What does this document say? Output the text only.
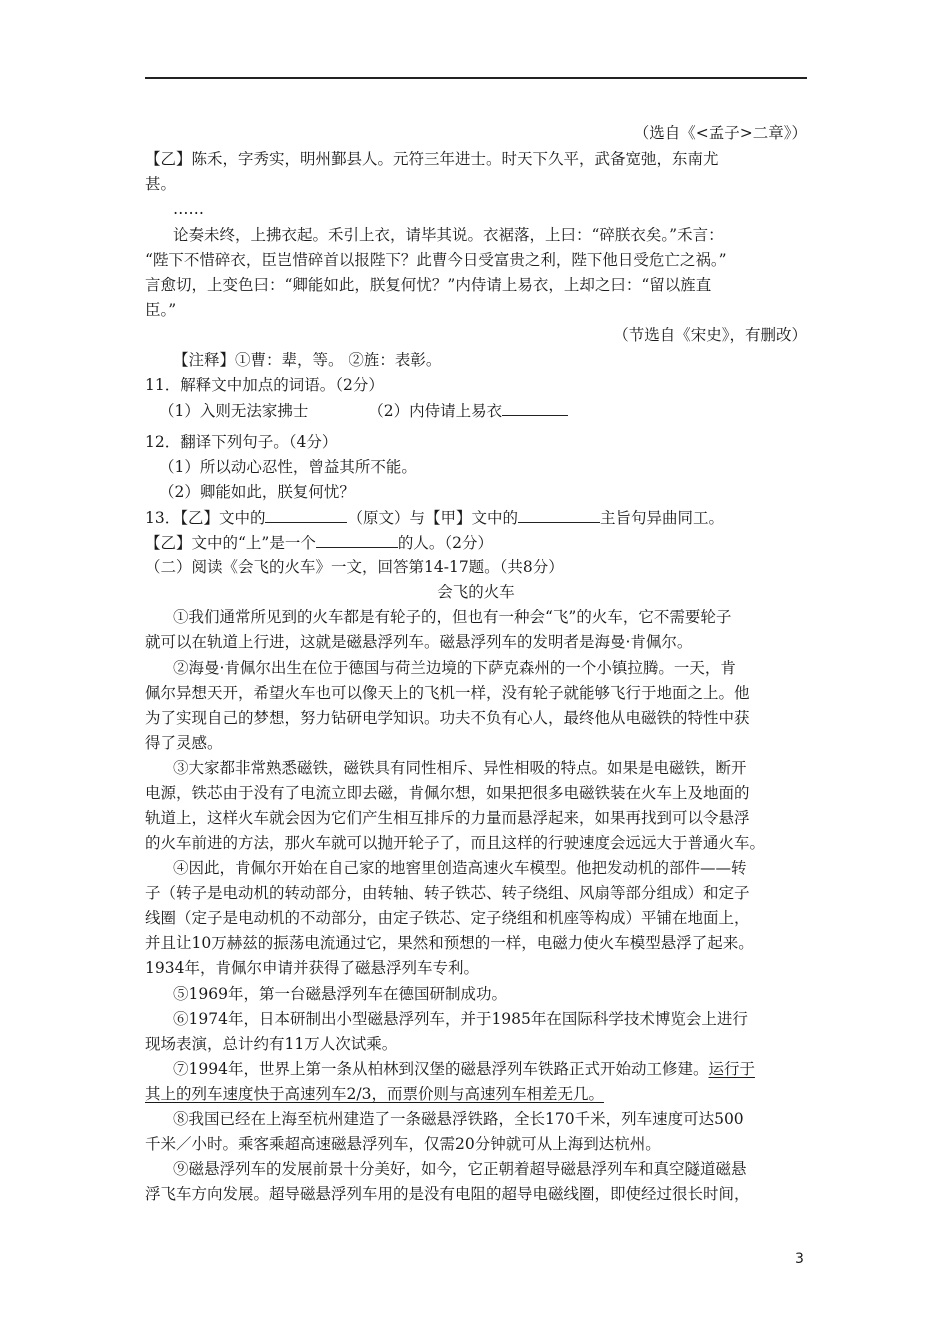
（选自《<孟子>二章》）
【乙】陈禾，字秀实，明州鄞县人。元符三年进士。时天下久平，武备宽弛，东南尤
甚。
……
论奏未终，上拂衣起。禾引上衣，请毕其说。衣裾落，上曰：“碎朕衣矣。”禾言：
“陛下不惜碎衣，臣岂惜碎首以报陛下？此曹今日受富贵之利，陛下他日受危亡之祸。”
言愈切，上变色曰：“卿能如此，朕复何忧？”内侍请上易衣，上却之曰：“留以旌直
臣。”
（节选自《宋史》，有删改）
【注释】①曹：辈，等。 ②旌：表彰。
11．解释文中加点的词语。（2分）
（1）入则无法家拂士	（2）内侍请上易衣
12．翻译下列句子。（4分）
（1）所以动心忍性，曾益其所不能。
（2）卿能如此，朕复何忧？
13．【乙】文中的	（原文）与【甲】文中的	主旨句异曲同工。
【乙】文中的“上”是一个	的人。（2分）
（二）阅读《会飞的火车》一文，回答第14-17题。（共8分）
会飞的火车
①我们通常所见到的火车都是有轮子的，但也有一种会“飞”的火车，它不需要轮子
就可以在轨道上行进，这就是磁悬浮列车。磁悬浮列车的发明者是海曼·肯佩尔。
②海曼·肯佩尔出生在位于德国与荷兰边境的下萨克森州的一个小镇拉腾。一天，肯
佩尔异想天开，希望火车也可以像天上的飞机一样，没有轮子就能够飞行于地面之上。他
为了实现自己的梦想，努力钻研电学知识。功夫不负有心人，最终他从电磁铁的特性中获
得了灵感。
③大家都非常熟悉磁铁，磁铁具有同性相斥、异性相吸的特点。如果是电磁铁，断开
电源，铁芯由于没有了电流立即去磁，肯佩尔想，如果把很多电磁铁装在火车上及地面的
轨道上，这样火车就会因为它们产生相互排斥的力量而悬浮起来，如果再找到可以令悬浮
的火车前进的方法，那火车就可以抛开轮子了，而且这样的行驶速度会远远大于普通火车。
④因此，肯佩尔开始在自己家的地窖里创造高速火车模型。他把发动机的部件——转
子（转子是电动机的转动部分，由转轴、转子铁芯、转子绕组、风扇等部分组成）和定子
线圈（定子是电动机的不动部分，由定子铁芯、定子绕组和机座等构成）平铺在地面上，
并且让10万赫兹的振荡电流通过它，果然和预想的一样，电磁力使火车模型悬浮了起来。
1934年，肯佩尔申请并获得了磁悬浮列车专利。
⑤1969年，第一台磁悬浮列车在德国研制成功。
⑥1974年，日本研制出小型磁悬浮列车，并于1985年在国际科学技术博览会上进行
现场表演，总计约有11万人次试乘。
⑦1994年，世界上第一条从柏林到汉堡的磁悬浮列车铁路正式开始动工修建。运行于
其上的列车速度快于高速列车2/3，而票价则与高速列车相差无几。
⑧我国已经在上海至杭州建造了一条磁悬浮铁路，全长170千米，列车速度可达500
千米／小时。乘客乘超高速磁悬浮列车，仅需20分钟就可从上海到达杭州。
⑨磁悬浮列车的发展前景十分美好，如今，它正朝着超导磁悬浮列车和真空隧道磁悬
浮飞车方向发展。超导磁悬浮列车用的是没有电阻的超导电磁线圈，即使经过很长时间，
3
